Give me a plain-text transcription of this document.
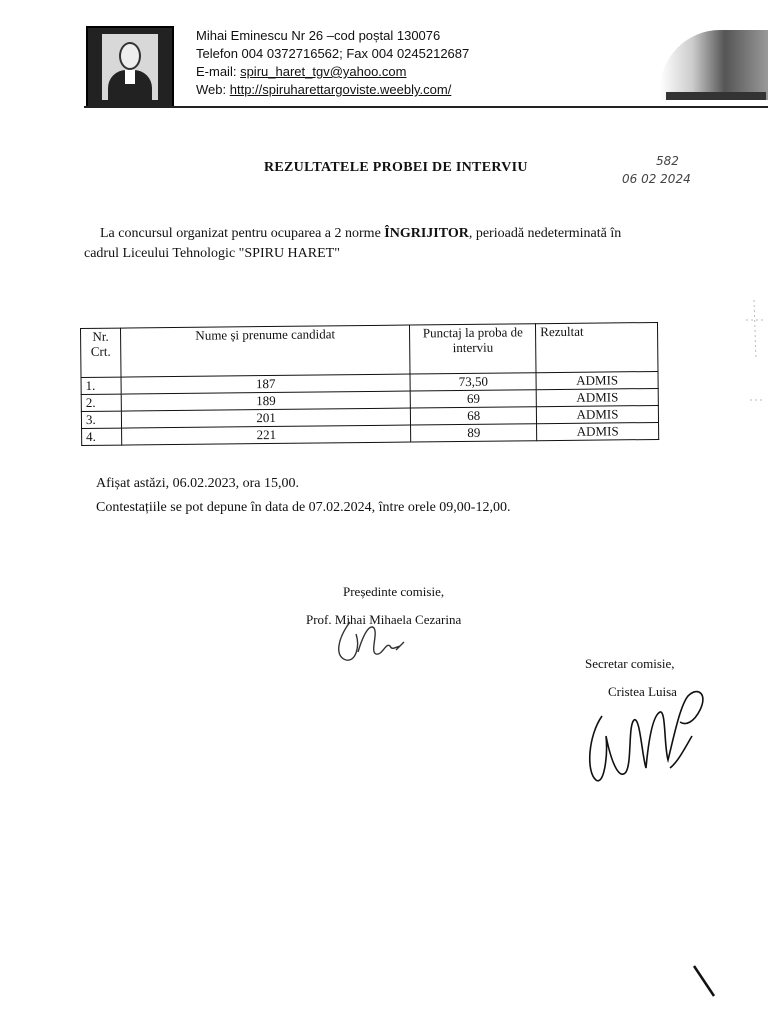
Mihai Eminescu Nr 26 –cod poștal 130076
Telefon 004 0372716562; Fax 004 0245212687
E-mail: spiru_haret_tgv@yahoo.com
Web: http://spiruharettargoviste.weebly.com/
REZULTATELE PROBEI DE INTERVIU	582
06 02 2024
La concursul organizat pentru ocuparea a 2 norme ÎNGRIJITOR, perioadă nedeterminată în
cadrul Liceului Tehnologic "SPIRU HARET"
Nr. Crt.	Nume și prenume candidat	Punctaj la proba de interviu	Rezultat
1.	187	73,50	ADMIS
2.	189	69	ADMIS
3.	201	68	ADMIS
4.	221	89	ADMIS
Afișat astăzi, 06.02.2023, ora 15,00.
Contestațiile se pot depune în data de 07.02.2024, între orele 09,00-12,00.
Președinte comisie,
Prof. Mihai Mihaela Cezarina
Secretar comisie,
Cristea Luisa
